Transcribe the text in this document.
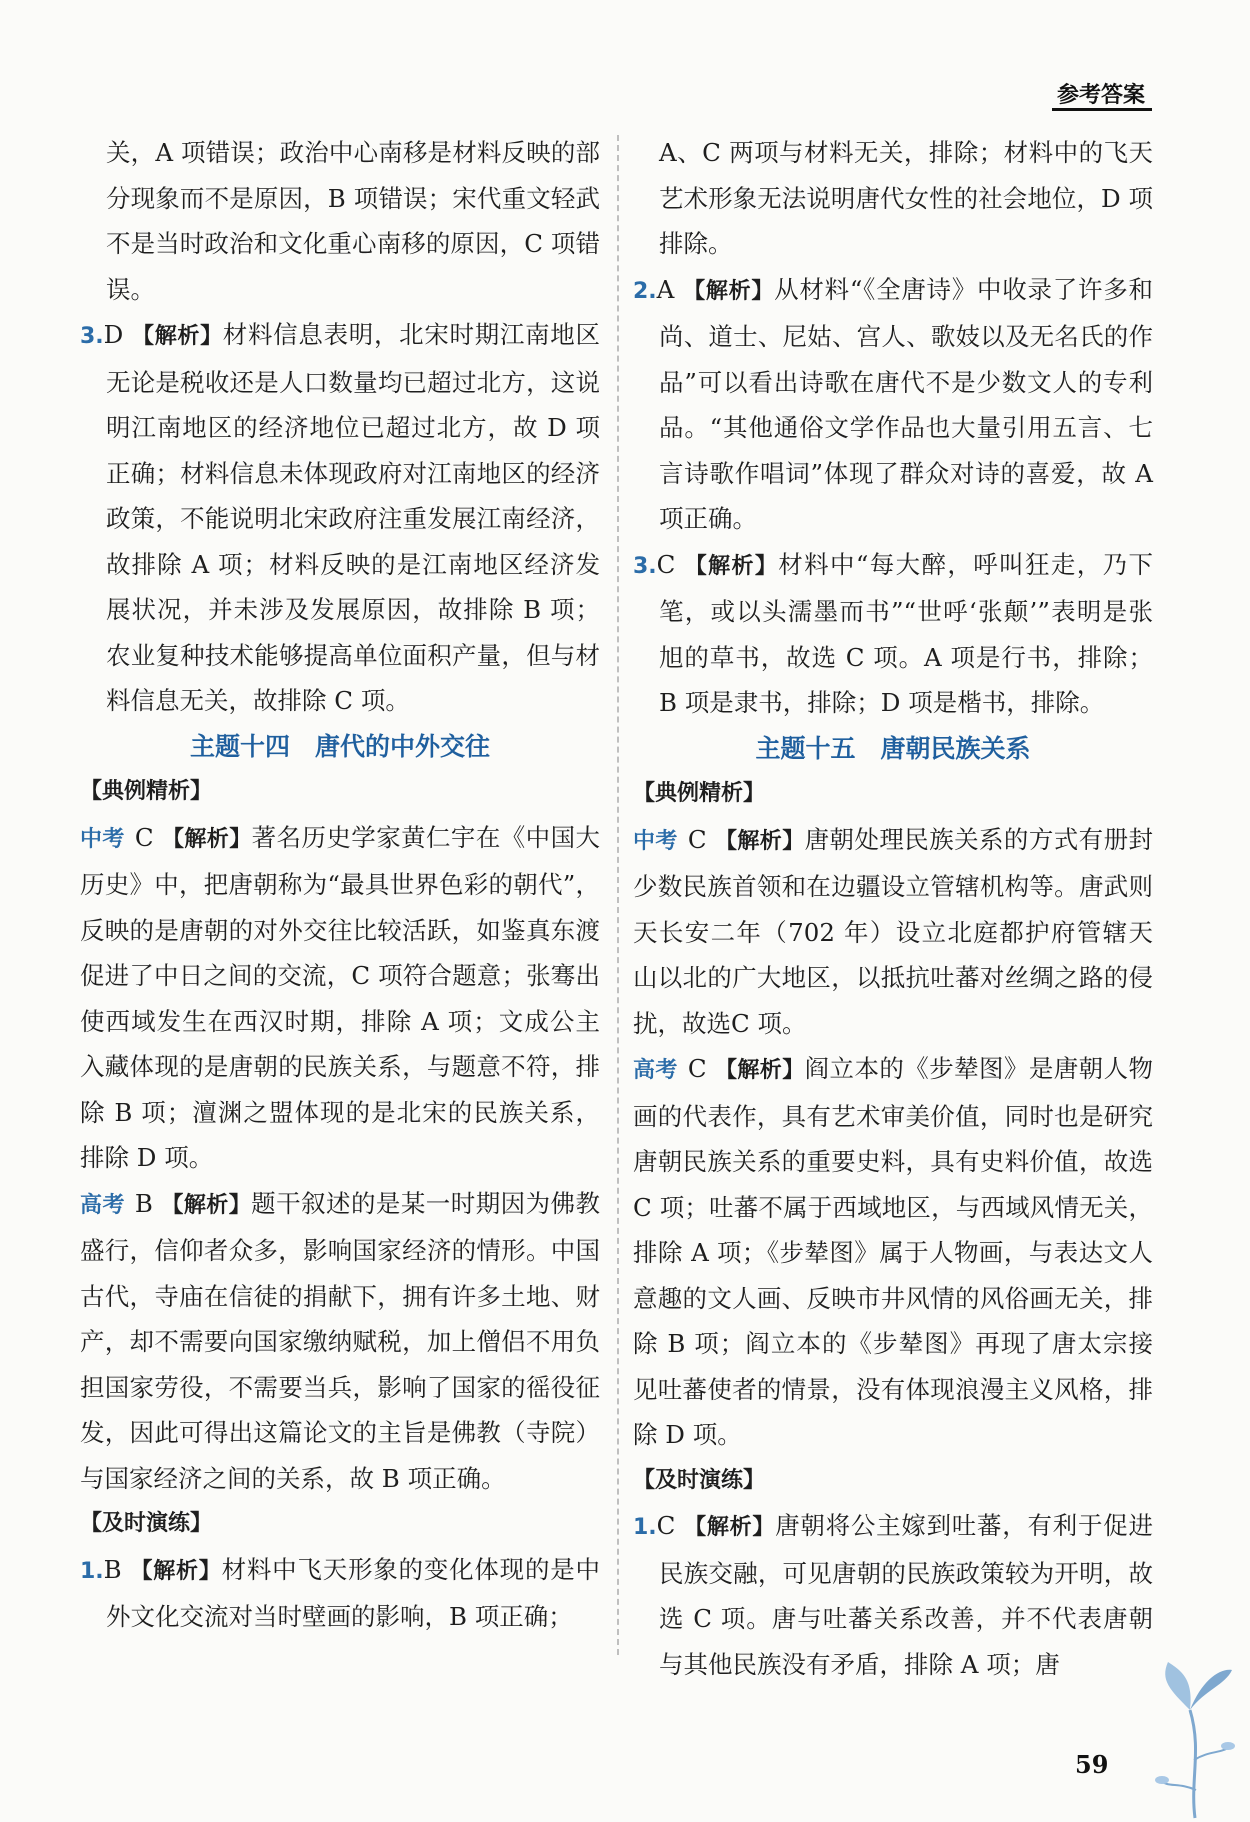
参考答案

关，A 项错误；政治中心南移是材料反映的部分现象而不是原因，B 项错误；宋代重文轻武不是当时政治和文化重心南移的原因，C 项错误。

3.D 【解析】材料信息表明，北宋时期江南地区无论是税收还是人口数量均已超过北方，这说明江南地区的经济地位已超过北方，故 D 项正确；材料信息未体现政府对江南地区的经济政策，不能说明北宋政府注重发展江南经济，故排除 A 项；材料反映的是江南地区经济发展状况，并未涉及发展原因，故排除 B 项；农业复种技术能够提高单位面积产量，但与材料信息无关，故排除 C 项。

主题十四　唐代的中外交往

【典例精析】

中考 C 【解析】著名历史学家黄仁宇在《中国大历史》中，把唐朝称为“最具世界色彩的朝代”，反映的是唐朝的对外交往比较活跃，如鉴真东渡促进了中日之间的交流，C 项符合题意；张骞出使西域发生在西汉时期，排除 A 项；文成公主入藏体现的是唐朝的民族关系，与题意不符，排除 B 项；澶渊之盟体现的是北宋的民族关系，排除 D 项。

高考 B 【解析】题干叙述的是某一时期因为佛教盛行，信仰者众多，影响国家经济的情形。中国古代，寺庙在信徒的捐献下，拥有许多土地、财产，却不需要向国家缴纳赋税，加上僧侣不用负担国家劳役，不需要当兵，影响了国家的徭役征发，因此可得出这篇论文的主旨是佛教（寺院）与国家经济之间的关系，故 B 项正确。

【及时演练】

1.B 【解析】材料中飞天形象的变化体现的是中外文化交流对当时壁画的影响，B 项正确；

A、C 两项与材料无关，排除；材料中的飞天艺术形象无法说明唐代女性的社会地位，D 项排除。

2.A 【解析】从材料“《全唐诗》中收录了许多和尚、道士、尼姑、宫人、歌妓以及无名氏的作品”可以看出诗歌在唐代不是少数文人的专利品。“其他通俗文学作品也大量引用五言、七言诗歌作唱词”体现了群众对诗的喜爱，故 A 项正确。

3.C 【解析】材料中“每大醉，呼叫狂走，乃下笔，或以头濡墨而书”“世呼‘张颠’”表明是张旭的草书，故选 C 项。A 项是行书，排除；B 项是隶书，排除；D 项是楷书，排除。

主题十五　唐朝民族关系

【典例精析】

中考 C 【解析】唐朝处理民族关系的方式有册封少数民族首领和在边疆设立管辖机构等。唐武则天长安二年（702 年）设立北庭都护府管辖天山以北的广大地区，以抵抗吐蕃对丝绸之路的侵扰，故选C 项。

高考 C 【解析】阎立本的《步辇图》是唐朝人物画的代表作，具有艺术审美价值，同时也是研究唐朝民族关系的重要史料，具有史料价值，故选 C 项；吐蕃不属于西域地区，与西域风情无关，排除 A 项；《步辇图》属于人物画，与表达文人意趣的文人画、反映市井风情的风俗画无关，排除 B 项；阎立本的《步辇图》再现了唐太宗接见吐蕃使者的情景，没有体现浪漫主义风格，排除 D 项。

【及时演练】

1.C 【解析】唐朝将公主嫁到吐蕃，有利于促进民族交融，可见唐朝的民族政策较为开明，故选 C 项。唐与吐蕃关系改善，并不代表唐朝与其他民族没有矛盾，排除 A 项；唐

59
